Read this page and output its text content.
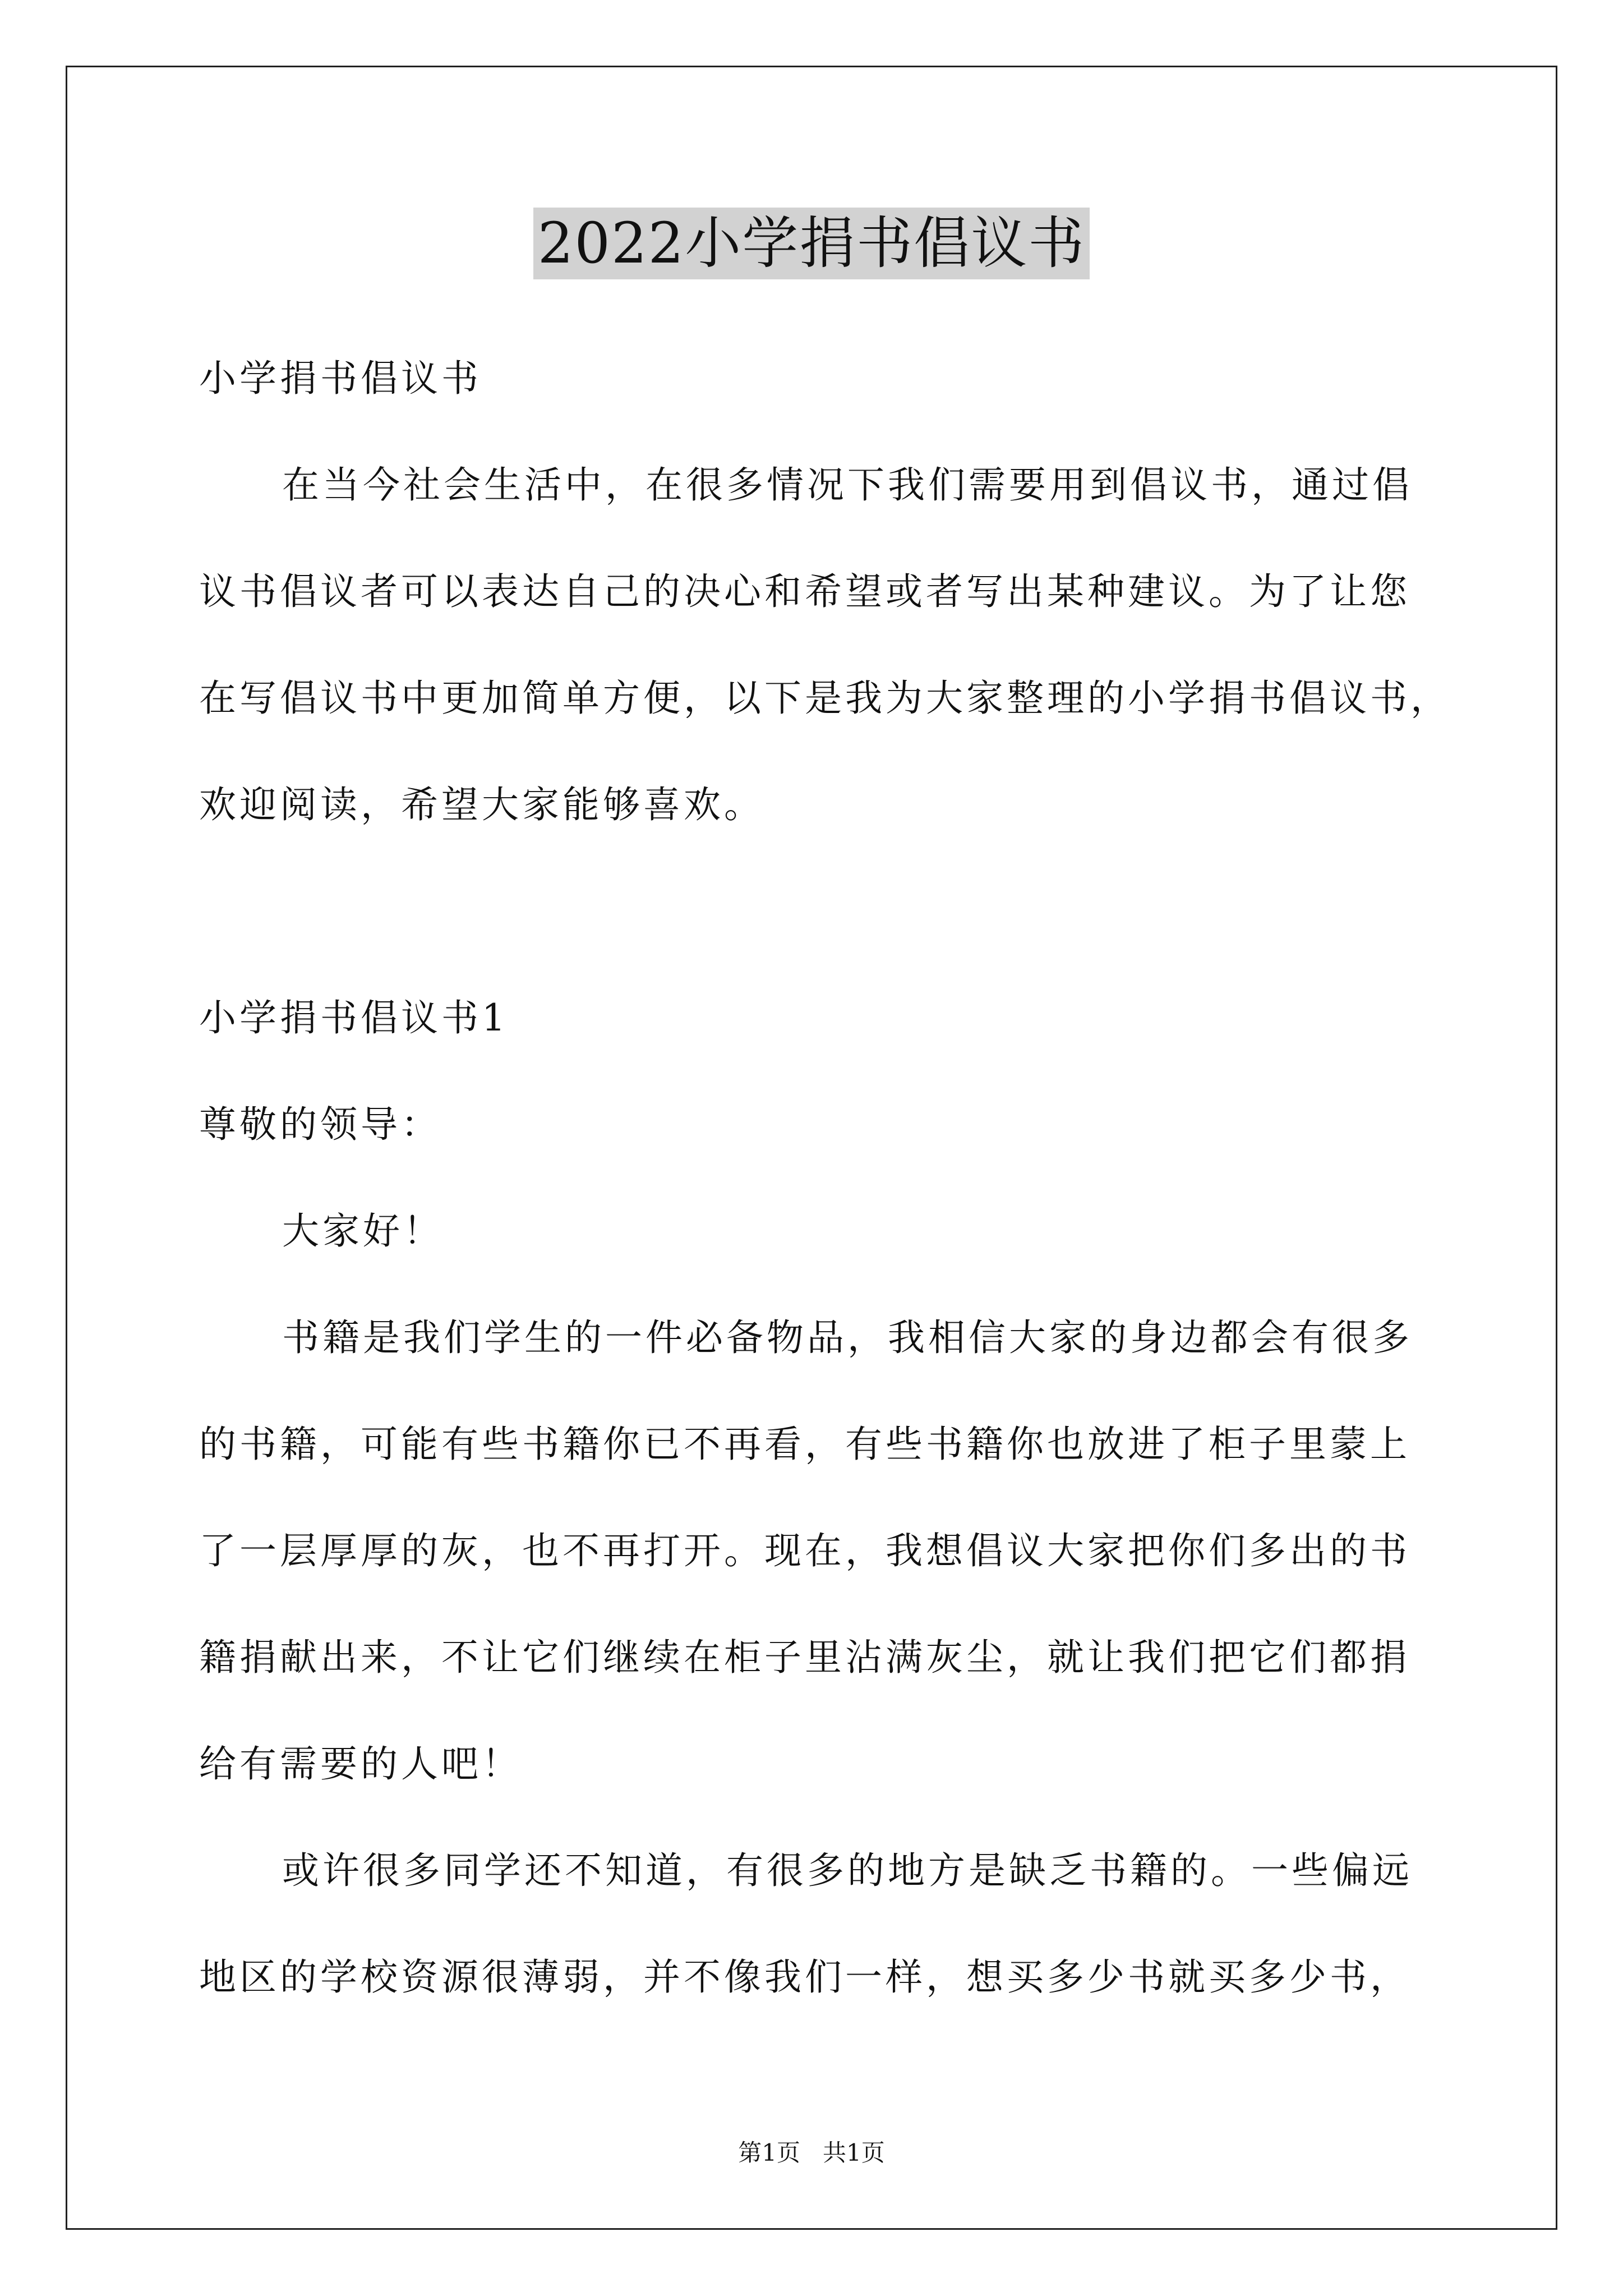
2022小学捐书倡议书
小学捐书倡议书
在当今社会生活中，在很多情况下我们需要用到倡议书，通过倡
议书倡议者可以表达自己的决心和希望或者写出某种建议。为了让您
在写倡议书中更加简单方便，以下是我为大家整理的小学捐书倡议书，
欢迎阅读，希望大家能够喜欢。
小学捐书倡议书1
尊敬的领导：
大家好！
书籍是我们学生的一件必备物品，我相信大家的身边都会有很多
的书籍，可能有些书籍你已不再看，有些书籍你也放进了柜子里蒙上
了一层厚厚的灰，也不再打开。现在，我想倡议大家把你们多出的书
籍捐献出来，不让它们继续在柜子里沾满灰尘，就让我们把它们都捐
给有需要的人吧！
或许很多同学还不知道，有很多的地方是缺乏书籍的。一些偏远
地区的学校资源很薄弱，并不像我们一样，想买多少书就买多少书，
第1页 共1页
